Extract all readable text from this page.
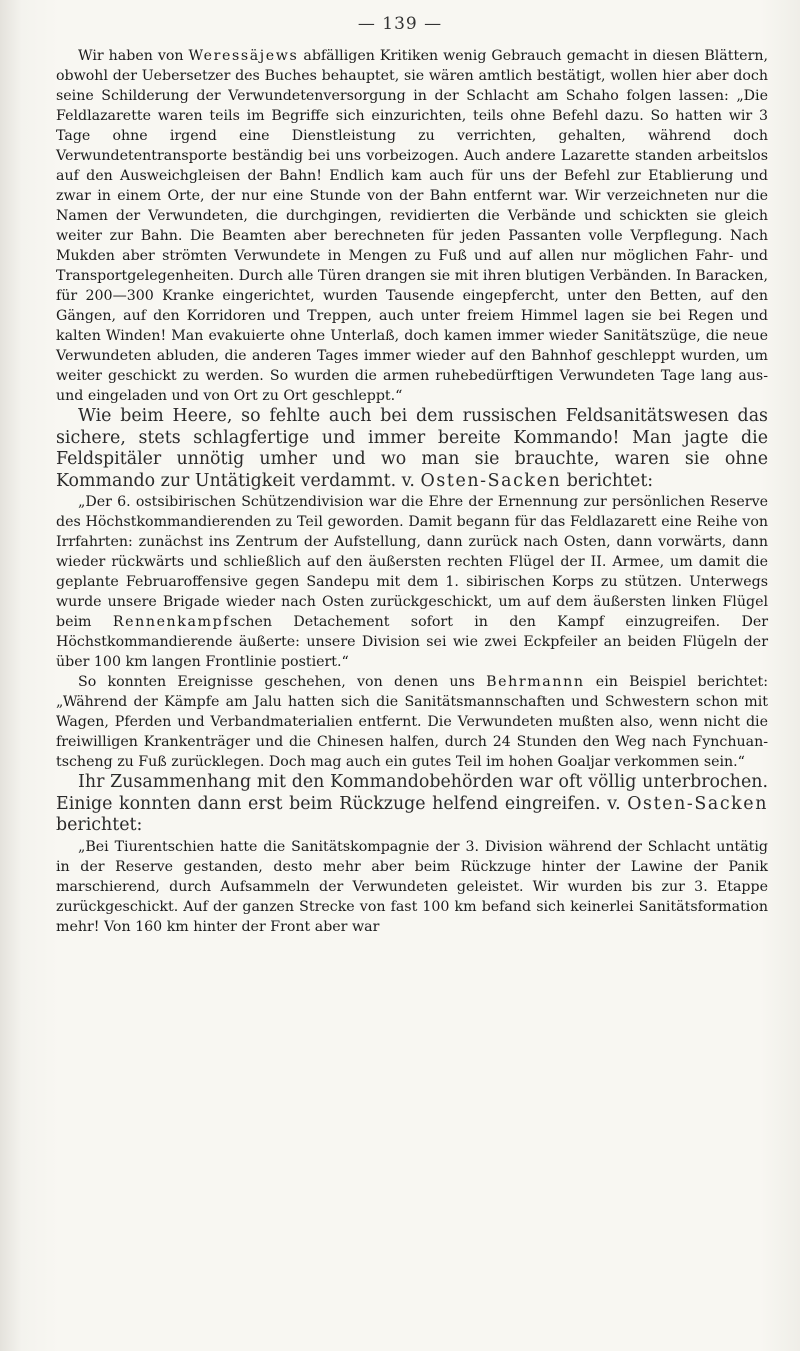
— 139 —

Wir haben von Weressäjews abfälligen Kritiken wenig Gebrauch gemacht in diesen Blättern, obwohl der Uebersetzer des Buches behauptet, sie wären amtlich bestätigt, wollen hier aber doch seine Schilderung der Verwundetenversorgung in der Schlacht am Schaho folgen lassen: „Die Feldlazarette waren teils im Begriffe sich einzurichten, teils ohne Befehl dazu. So hatten wir 3 Tage ohne irgend eine Dienstleistung zu verrichten, gehalten, während doch Verwundetentransporte beständig bei uns vorbeizogen. Auch andere Lazarette standen arbeitslos auf den Ausweichgleisen der Bahn! Endlich kam auch für uns der Befehl zur Etablierung und zwar in einem Orte, der nur eine Stunde von der Bahn entfernt war. Wir verzeichneten nur die Namen der Verwundeten, die durchgingen, revidierten die Verbände und schickten sie gleich weiter zur Bahn. Die Beamten aber berechneten für jeden Passanten volle Verpflegung. Nach Mukden aber strömten Verwundete in Mengen zu Fuß und auf allen nur möglichen Fahr- und Transportgelegenheiten. Durch alle Türen drangen sie mit ihren blutigen Verbänden. In Baracken, für 200—300 Kranke eingerichtet, wurden Tausende eingepfercht, unter den Betten, auf den Gängen, auf den Korridoren und Treppen, auch unter freiem Himmel lagen sie bei Regen und kalten Winden! Man evakuierte ohne Unterlaß, doch kamen immer wieder Sanitätszüge, die neue Verwundeten abluden, die anderen Tages immer wieder auf den Bahnhof geschleppt wurden, um weiter geschickt zu werden. So wurden die armen ruhebedürftigen Verwundeten Tage lang aus- und eingeladen und von Ort zu Ort geschleppt.“

Wie beim Heere, so fehlte auch bei dem russischen Feldsanitätswesen das sichere, stets schlagfertige und immer bereite Kommando! Man jagte die Feldspitäler unnötig umher und wo man sie brauchte, waren sie ohne Kommando zur Untätigkeit verdammt. v. Osten-Sacken berichtet:

„Der 6. ostsibirischen Schützendivision war die Ehre der Ernennung zur persönlichen Reserve des Höchstkommandierenden zu Teil geworden. Damit begann für das Feldlazarett eine Reihe von Irrfahrten: zunächst ins Zentrum der Aufstellung, dann zurück nach Osten, dann vorwärts, dann wieder rückwärts und schließlich auf den äußersten rechten Flügel der II. Armee, um damit die geplante Februaroffensive gegen Sandepu mit dem 1. sibirischen Korps zu stützen. Unterwegs wurde unsere Brigade wieder nach Osten zurückgeschickt, um auf dem äußersten linken Flügel beim Rennenkampfschen Detachement sofort in den Kampf einzugreifen. Der Höchstkommandierende äußerte: unsere Division sei wie zwei Eckpfeiler an beiden Flügeln der über 100 km langen Frontlinie postiert.“

So konnten Ereignisse geschehen, von denen uns Behrmannn ein Beispiel berichtet: „Während der Kämpfe am Jalu hatten sich die Sanitätsmannschaften und Schwestern schon mit Wagen, Pferden und Verbandmaterialien entfernt. Die Verwundeten mußten also, wenn nicht die freiwilligen Krankenträger und die Chinesen halfen, durch 24 Stunden den Weg nach Fynchuan-tscheng zu Fuß zurücklegen. Doch mag auch ein gutes Teil im hohen Goaljar verkommen sein.“

Ihr Zusammenhang mit den Kommandobehörden war oft völlig unterbrochen. Einige konnten dann erst beim Rückzuge helfend eingreifen. v. Osten-Sacken berichtet:

„Bei Tiurentschien hatte die Sanitätskompagnie der 3. Division während der Schlacht untätig in der Reserve gestanden, desto mehr aber beim Rückzuge hinter der Lawine der Panik marschierend, durch Aufsammeln der Verwundeten geleistet. Wir wurden bis zur 3. Etappe zurückgeschickt. Auf der ganzen Strecke von fast 100 km befand sich keinerlei Sanitätsformation mehr! Von 160 km hinter der Front aber war
